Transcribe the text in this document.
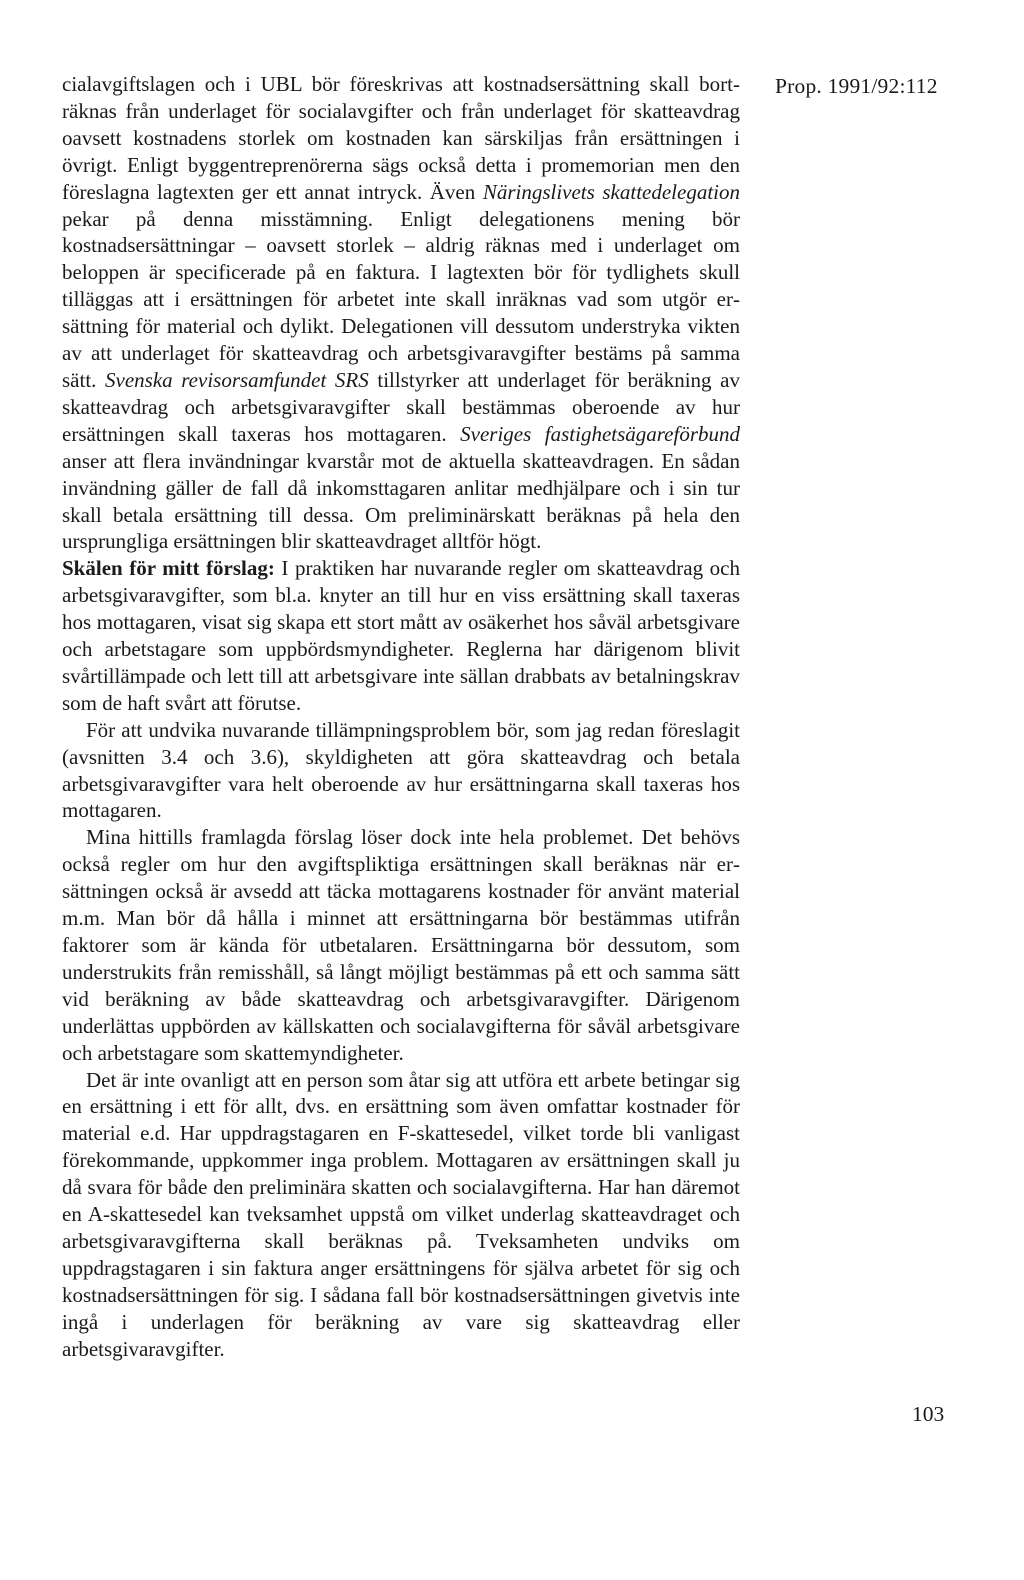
Prop. 1991/92:112

cialavgiftslagen och i UBL bör föreskrivas att kostnadsersättning skall borträknas från underlaget för socialavgifter och från underlaget för skatteavdrag oavsett kostnadens storlek om kostnaden kan särskiljas från ersättningen i övrigt. Enligt byggentreprenörerna sägs också detta i promemorian men den föreslagna lagtexten ger ett annat intryck. Även Näringslivets skattedelegation pekar på denna misstämning. Enligt delegationens mening bör kostnadsersättningar – oavsett storlek – aldrig räknas med i underlaget om beloppen är specificerade på en faktura. I lagtexten bör för tydlighets skull tilläggas att i ersättningen för arbetet inte skall inräknas vad som utgör ersättning för material och dylikt. Delegationen vill dessutom understryka vikten av att underlaget för skatteavdrag och arbetsgivaravgifter bestäms på samma sätt. Svenska revisorsamfundet SRS tillstyrker att underlaget för beräkning av skatteavdrag och arbetsgivaravgifter skall bestämmas oberoende av hur ersättningen skall taxeras hos mottagaren. Sveriges fastighetsägareförbund anser att flera invändningar kvarstår mot de aktuella skatteavdragen. En sådan invändning gäller de fall då inkomsttagaren anlitar medhjälpare och i sin tur skall betala ersättning till dessa. Om preliminärskatt beräknas på hela den ursprungliga ersättningen blir skatteavdraget alltför högt.

Skälen för mitt förslag: I praktiken har nuvarande regler om skatteavdrag och arbetsgivaravgifter, som bl.a. knyter an till hur en viss ersättning skall taxeras hos mottagaren, visat sig skapa ett stort mått av osäkerhet hos såväl arbetsgivare och arbetstagare som uppbördsmyndigheter. Reglerna har därigenom blivit svårtillämpade och lett till att arbetsgivare inte sällan drabbats av betalningskrav som de haft svårt att förutse.

För att undvika nuvarande tillämpningsproblem bör, som jag redan föreslagit (avsnitten 3.4 och 3.6), skyldigheten att göra skatteavdrag och betala arbetsgivaravgifter vara helt oberoende av hur ersättningarna skall taxeras hos mottagaren.

Mina hittills framlagda förslag löser dock inte hela problemet. Det behövs också regler om hur den avgiftspliktiga ersättningen skall beräknas när ersättningen också är avsedd att täcka mottagarens kostnader för använt material m.m. Man bör då hålla i minnet att ersättningarna bör bestämmas utifrån faktorer som är kända för utbetalaren. Ersättningarna bör dessutom, som understrukits från remisshåll, så långt möjligt bestämmas på ett och samma sätt vid beräkning av både skatteavdrag och arbetsgivaravgifter. Därigenom underlättas uppbörden av källskatten och socialavgifterna för såväl arbetsgivare och arbetstagare som skattemyndigheter.

Det är inte ovanligt att en person som åtar sig att utföra ett arbete betingar sig en ersättning i ett för allt, dvs. en ersättning som även omfattar kostnader för material e.d. Har uppdragstagaren en F-skattesedel, vilket torde bli vanligast förekommande, uppkommer inga problem. Mottagaren av ersättningen skall ju då svara för både den preliminära skatten och socialavgifterna. Har han däremot en A-skattesedel kan tveksamhet uppstå om vilket underlag skatteavdraget och arbetsgivaravgifterna skall beräknas på. Tveksamheten undviks om uppdragstagaren i sin faktura anger ersättningens för själva arbetet för sig och kostnadsersättningen för sig. I sådana fall bör kostnadsersättningen givetvis inte ingå i underlagen för beräkning av vare sig skatteavdrag eller arbetsgivaravgifter.

103
